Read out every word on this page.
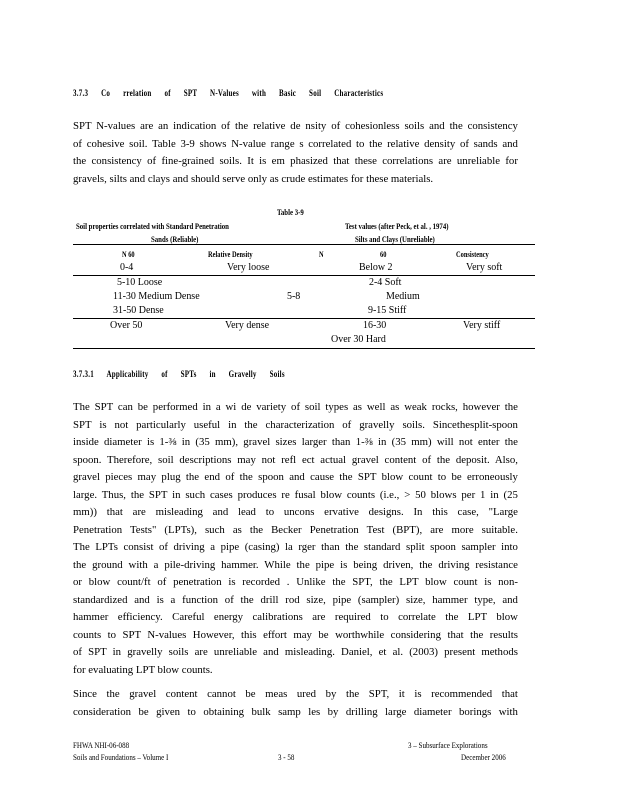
3.7.3 Co rrelation of SPT N-Values with Basic Soil Characteristics
SPT N-values are an indication of the relative de nsity of cohesionless soils and the consistency
of cohesive soil. Table 3-9 shows N-value range s correlated to the relative density of sands and
the consistency of fine-grained soils. It is em phasized that these correlations are unreliable for
gravels, silts and clays and should serve only as crude estimates for these materials.
Table 3-9
Soil properties correlated with Standard Penetration	Test values (after Peck, et al. , 1974)
Sands (Reliable)	Silts and Clays (Unreliable)
N 60	Relative Density	N	60	Consistency
0-4	Very loose	Below 2	Very soft
5-10 Loose	2-4 Soft
11-30 Medium Dense	5-8	Medium
31-50 Dense	9-15 Stiff
Over 50	Very dense	16-30	Very stiff
Over 30 Hard
3.7.3.1 Applicability of SPTs in Gravelly Soils
The SPT can be performed in a wi de variety of soil types as well as weak rocks, however the
SPT is not particularly useful in the characterization of gravelly soils. Sincethesplit-spoon
inside diameter is 1-⅜ in (35 mm), gravel sizes larger than 1-⅜ in (35 mm) will not enter the
spoon. Therefore, soil descriptions may not refl ect actual gravel content of the deposit. Also,
gravel pieces may plug the end of the spoon and cause the SPT blow count to be erroneously
large. Thus, the SPT in such cases produces re fusal blow counts (i.e., > 50 blows per 1 in (25
mm)) that are misleading and lead to uncons ervative designs. In this case, "Large
Penetration Tests" (LPTs), such as the Becker Penetration Test (BPT), are more suitable.
The LPTs consist of driving a pipe (casing) la rger than the standard split spoon sampler into
the ground with a pile-driving hammer. While the pipe is being driven, the driving resistance
or blow count/ft of penetration is recorded . Unlike the SPT, the LPT blow count is non-
standardized and is a function of the drill rod size, pipe (sampler) size, hammer type, and
hammer efficiency. Careful energy calibrations are required to correlate the LPT blow
counts to SPT N-values However, this effort may be worthwhile considering that the results
of SPT in gravelly soils are unreliable and misleading. Daniel, et al. (2003) present methods
for evaluating LPT blow counts.
Since the gravel content cannot be meas ured by the SPT, it is recommended that
consideration be given to obtaining bulk samp les by drilling large diameter borings with
FHWA NHI-06-088
Soils and Foundations – Volume I	3 - 58
3 – Subsurface Explorations
December 2006
